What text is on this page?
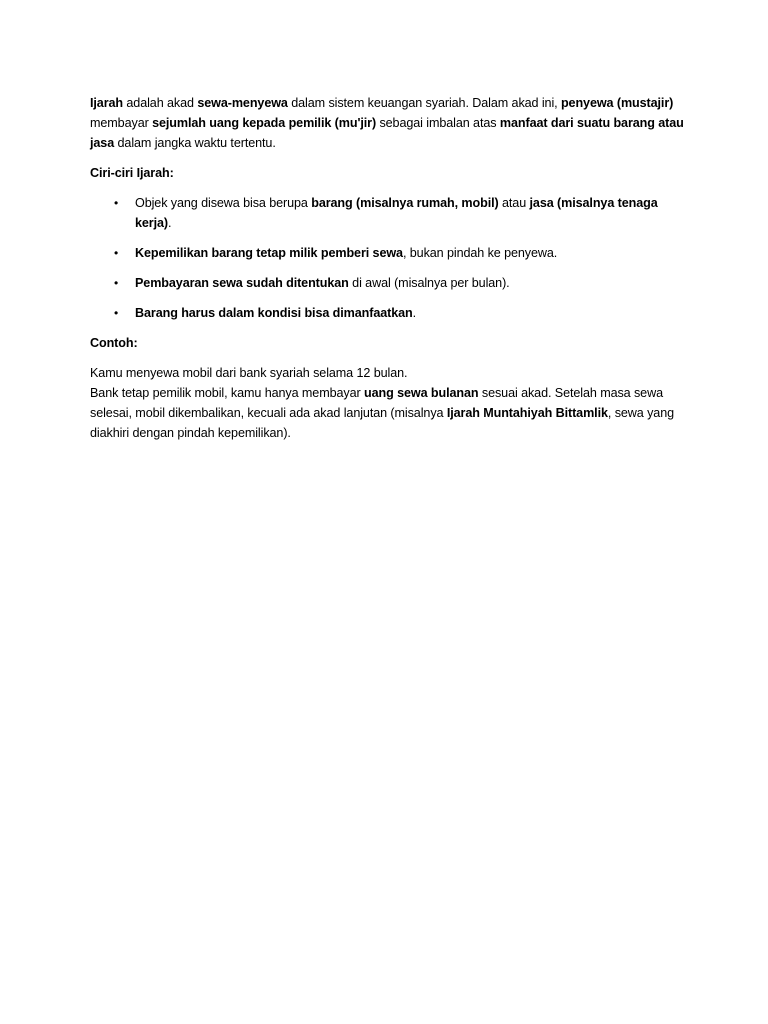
Ijarah adalah akad sewa-menyewa dalam sistem keuangan syariah. Dalam akad ini, penyewa (mustajir) membayar sejumlah uang kepada pemilik (mu'jir) sebagai imbalan atas manfaat dari suatu barang atau jasa dalam jangka waktu tertentu.

Ciri-ciri Ijarah:

• Objek yang disewa bisa berupa barang (misalnya rumah, mobil) atau jasa (misalnya tenaga kerja).
• Kepemilikan barang tetap milik pemberi sewa, bukan pindah ke penyewa.
• Pembayaran sewa sudah ditentukan di awal (misalnya per bulan).
• Barang harus dalam kondisi bisa dimanfaatkan.

Contoh:

Kamu menyewa mobil dari bank syariah selama 12 bulan.

Bank tetap pemilik mobil, kamu hanya membayar uang sewa bulanan sesuai akad. Setelah masa sewa selesai, mobil dikembalikan, kecuali ada akad lanjutan (misalnya Ijarah Muntahiyah Bittamlik, sewa yang diakhiri dengan pindah kepemilikan).
